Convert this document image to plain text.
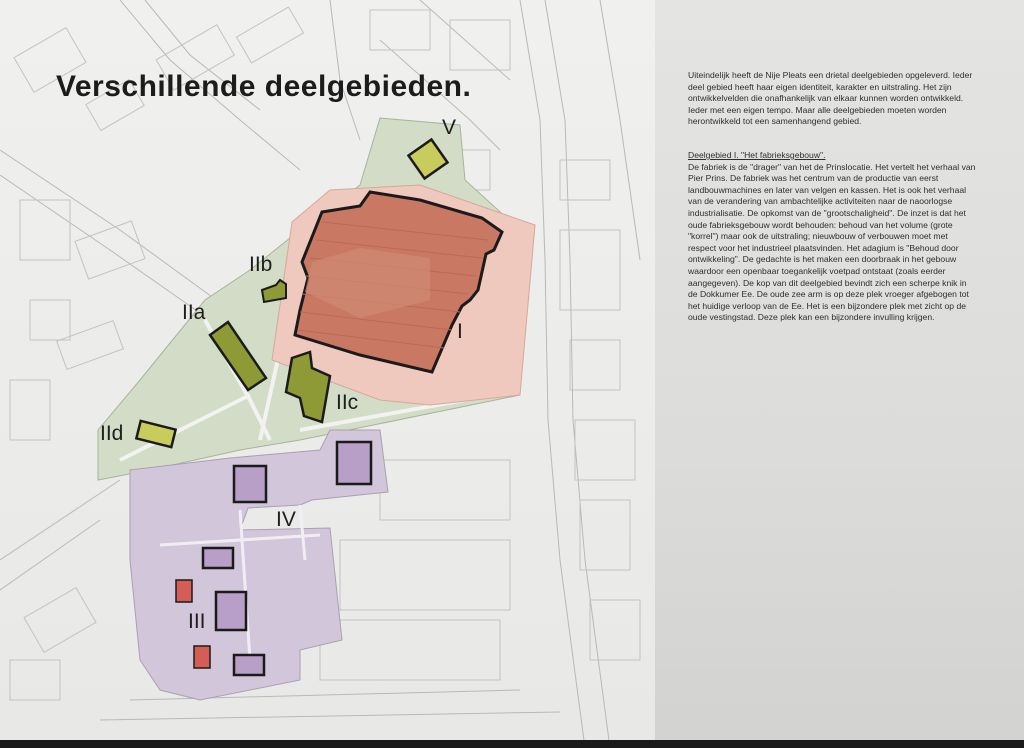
Verschillende deelgebieden.
V
IIb
IIa
I
IIc
IId
IV
III

Uiteindelijk heeft de Nije Pleats een drietal deelgebieden opgeleverd. Ieder deel gebied heeft haar eigen identiteit, karakter en uitstraling. Het zijn ontwikkelvelden die onafhankelijk van elkaar kunnen worden ontwikkeld. Ieder met een eigen tempo. Maar alle deelgebieden moeten worden herontwikkeld tot een samenhangend gebied.

Deelgebied I. "Het fabrieksgebouw".

De fabriek is de "drager" van het de Prinslocatie. Het vertelt het verhaal van Pier Prins. De fabriek was het centrum van de productie van eerst landbouwmachines en later van velgen en kassen. Het is ook het verhaal van de verandering van ambachtelijke activiteiten naar de naoorlogse industrialisatie. De opkomst van de "grootschaligheid". De inzet is dat het oude fabrieksgebouw wordt behouden: behoud van het volume (grote "korrel") maar ook de uitstraling; nieuwbouw of verbouwen moet met respect voor het industrieel plaatsvinden. Het adagium is "Behoud door ontwikkeling". De gedachte is het maken een doorbraak in het gebouw waardoor een openbaar toegankelijk voetpad ontstaat (zoals eerder aangegeven). De kop van dit deelgebied bevindt zich een scherpe knik in de Dokkumer Ee. De oude zee arm is op deze plek vroeger afgebogen tot het huidige verloop van de Ee. Het is een bijzondere plek met zicht op de oude vestingstad. Deze plek kan een bijzondere invulling krijgen.
